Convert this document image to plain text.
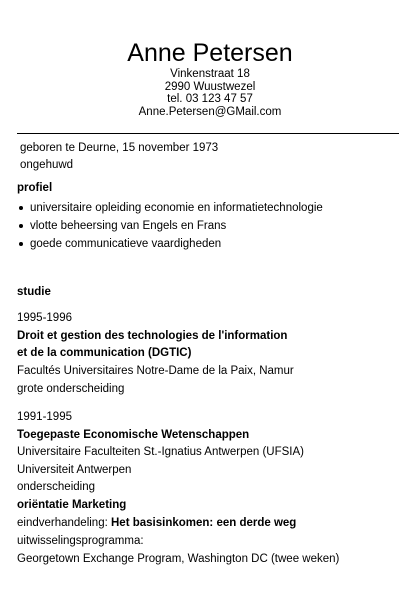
Anne Petersen
Vinkenstraat 18
2990 Wuustwezel
tel. 03 123 47 57
Anne.Petersen@GMail.com
geboren te Deurne, 15 november 1973
ongehuwd
profiel
universitaire opleiding economie en informatietechnologie
vlotte beheersing van Engels en Frans
goede communicatieve vaardigheden
studie
1995-1996
Droit et gestion des technologies de l'information
et de la communication (DGTIC)
Facultés Universitaires Notre-Dame de la Paix, Namur
grote onderscheiding
1991-1995
Toegepaste Economische Wetenschappen
Universitaire Faculteiten St.-Ignatius Antwerpen (UFSIA)
Universiteit Antwerpen
onderscheiding
oriëntatie Marketing
eindverhandeling: Het basisinkomen: een derde weg
uitwisselingsprogramma:
Georgetown Exchange Program, Washington DC (twee weken)
